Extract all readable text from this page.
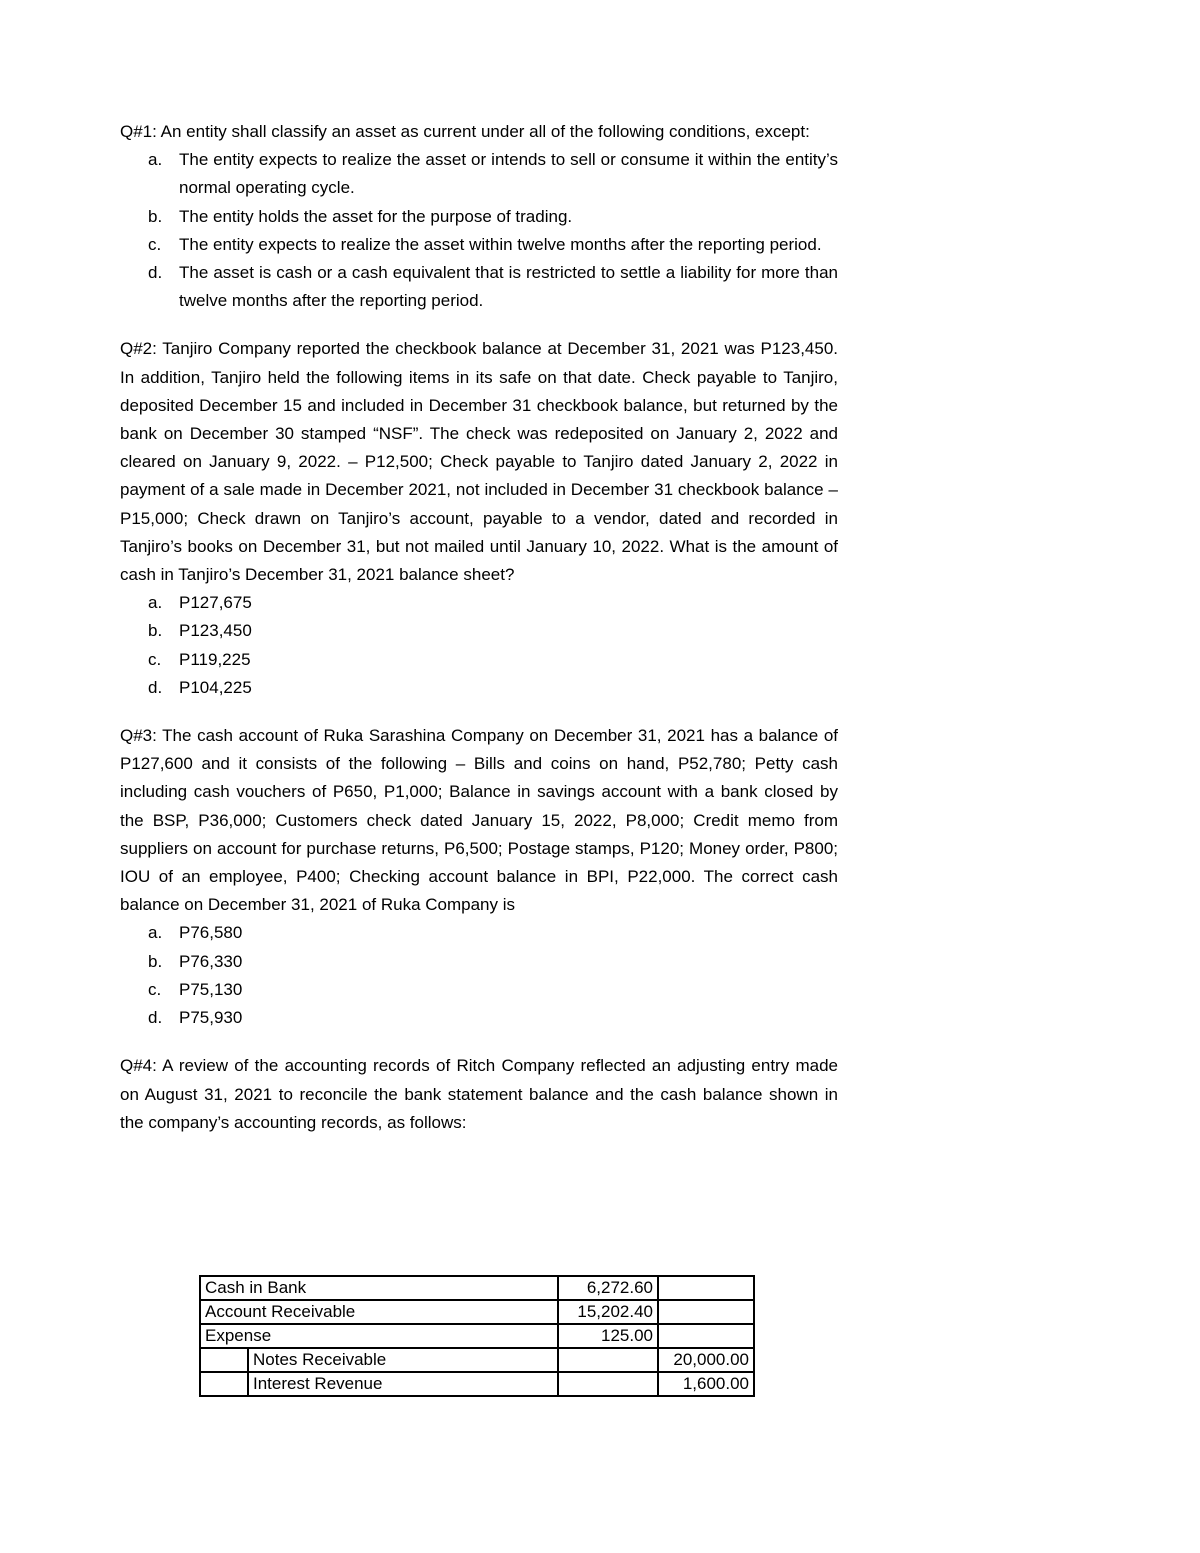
Q#1: An entity shall classify an asset as current under all of the following conditions, except:

a. The entity expects to realize the asset or intends to sell or consume it within the entity’s normal operating cycle.
b. The entity holds the asset for the purpose of trading.
c.	The entity expects to realize the asset within twelve months after the reporting period.
d. The asset is cash or a cash equivalent that is restricted to settle a liability for more than twelve months after the reporting period.

Q#2: Tanjiro Company reported the checkbook balance at December 31, 2021 was P123,450. In addition, Tanjiro held the following items in its safe on that date. Check payable to Tanjiro, deposited December 15 and included in December 31 checkbook balance, but returned by the bank on December 30 stamped “NSF”. The check was redeposited on January 2, 2022 and cleared on January 9, 2022. – P12,500; Check payable to Tanjiro dated January 2, 2022 in payment of a sale made in December 2021, not included in December 31 checkbook balance – P15,000; Check drawn on Tanjiro’s account, payable to a vendor, dated and recorded in Tanjiro’s books on December 31, but not mailed until January 10, 2022. What is the amount of cash in Tanjiro’s December 31, 2021 balance sheet?

a. P127,675
b. P123,450
c.	P119,225
d. P104,225

Q#3: The cash account of Ruka Sarashina Company on December 31, 2021 has a balance of P127,600 and it consists of the following – Bills and coins on hand, P52,780; Petty cash including cash vouchers of P650, P1,000; Balance in savings account with a bank closed by the BSP, P36,000; Customers check dated January 15, 2022, P8,000; Credit memo from suppliers on account for purchase returns, P6,500; Postage stamps, P120; Money order, P800; IOU of an employee, P400; Checking account balance in BPI, P22,000. The correct cash balance on December 31, 2021 of Ruka Company is

a. P76,580
b. P76,330
c.	P75,130
d. P75,930

Q#4: A review of the accounting records of Ritch Company reflected an adjusting entry made on August 31, 2021 to reconcile the bank statement balance and the cash balance shown in the company’s accounting records, as follows:

Cash in Bank		6,272.60	
Account Receivable		15,202.40	
Expense		125.00	
	Notes Receivable		20,000.00
	Interest Revenue		1,600.00
